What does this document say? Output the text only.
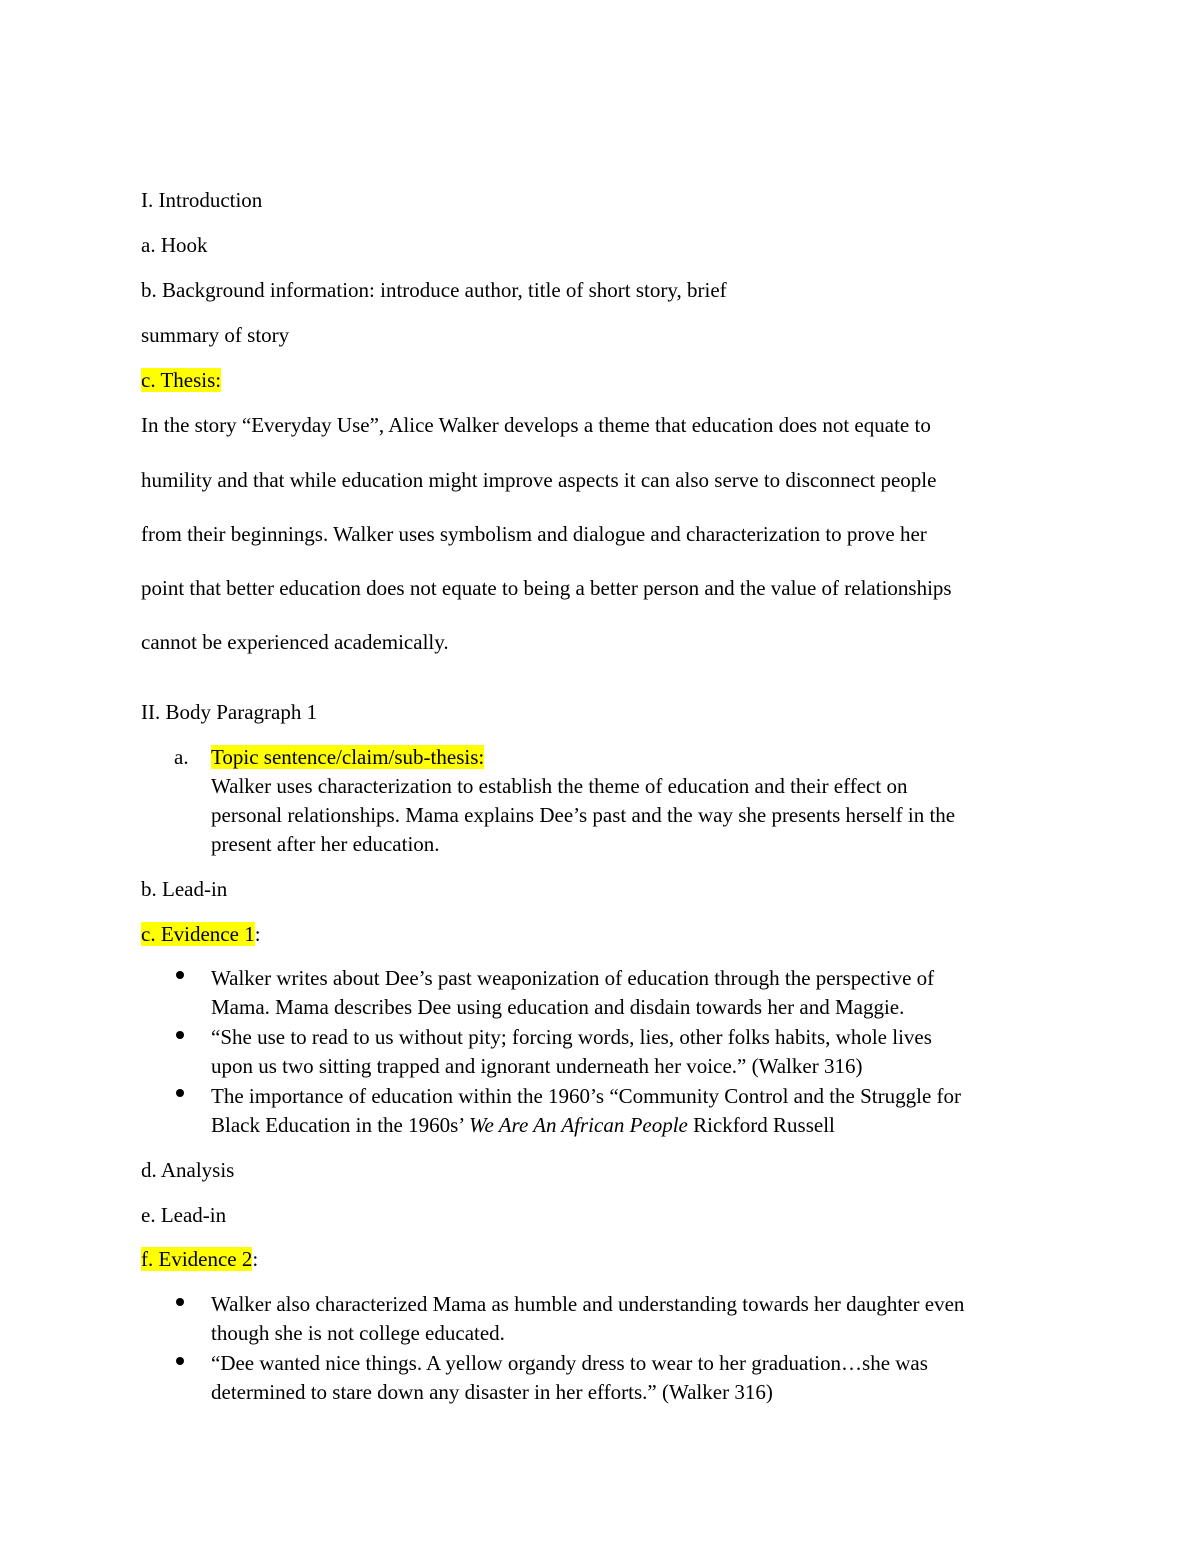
I. Introduction
a. Hook
b. Background information: introduce author, title of short story, brief
summary of story
c. Thesis:
In the story “Everyday Use”, Alice Walker develops a theme that education does not equate to
humility and that while education might improve aspects it can also serve to disconnect people
from their beginnings. Walker uses symbolism and dialogue and characterization to prove her
point that better education does not equate to being a better person and the value of relationships
cannot be experienced academically.
II. Body Paragraph 1
a. Topic sentence/claim/sub-thesis:
Walker uses characterization to establish the theme of education and their effect on
personal relationships. Mama explains Dee’s past and the way she presents herself in the
present after her education.
b. Lead-in
c. Evidence 1:
Walker writes about Dee’s past weaponization of education through the perspective of
Mama. Mama describes Dee using education and disdain towards her and Maggie.
“She use to read to us without pity; forcing words, lies, other folks habits, whole lives
upon us two sitting trapped and ignorant underneath her voice.” (Walker 316)
The importance of education within the 1960’s “Community Control and the Struggle for
Black Education in the 1960s’ We Are An African People Rickford Russell
d. Analysis
e. Lead-in
f. Evidence 2:
Walker also characterized Mama as humble and understanding towards her daughter even
though she is not college educated.
“Dee wanted nice things. A yellow organdy dress to wear to her graduation…she was
determined to stare down any disaster in her efforts.” (Walker 316)
